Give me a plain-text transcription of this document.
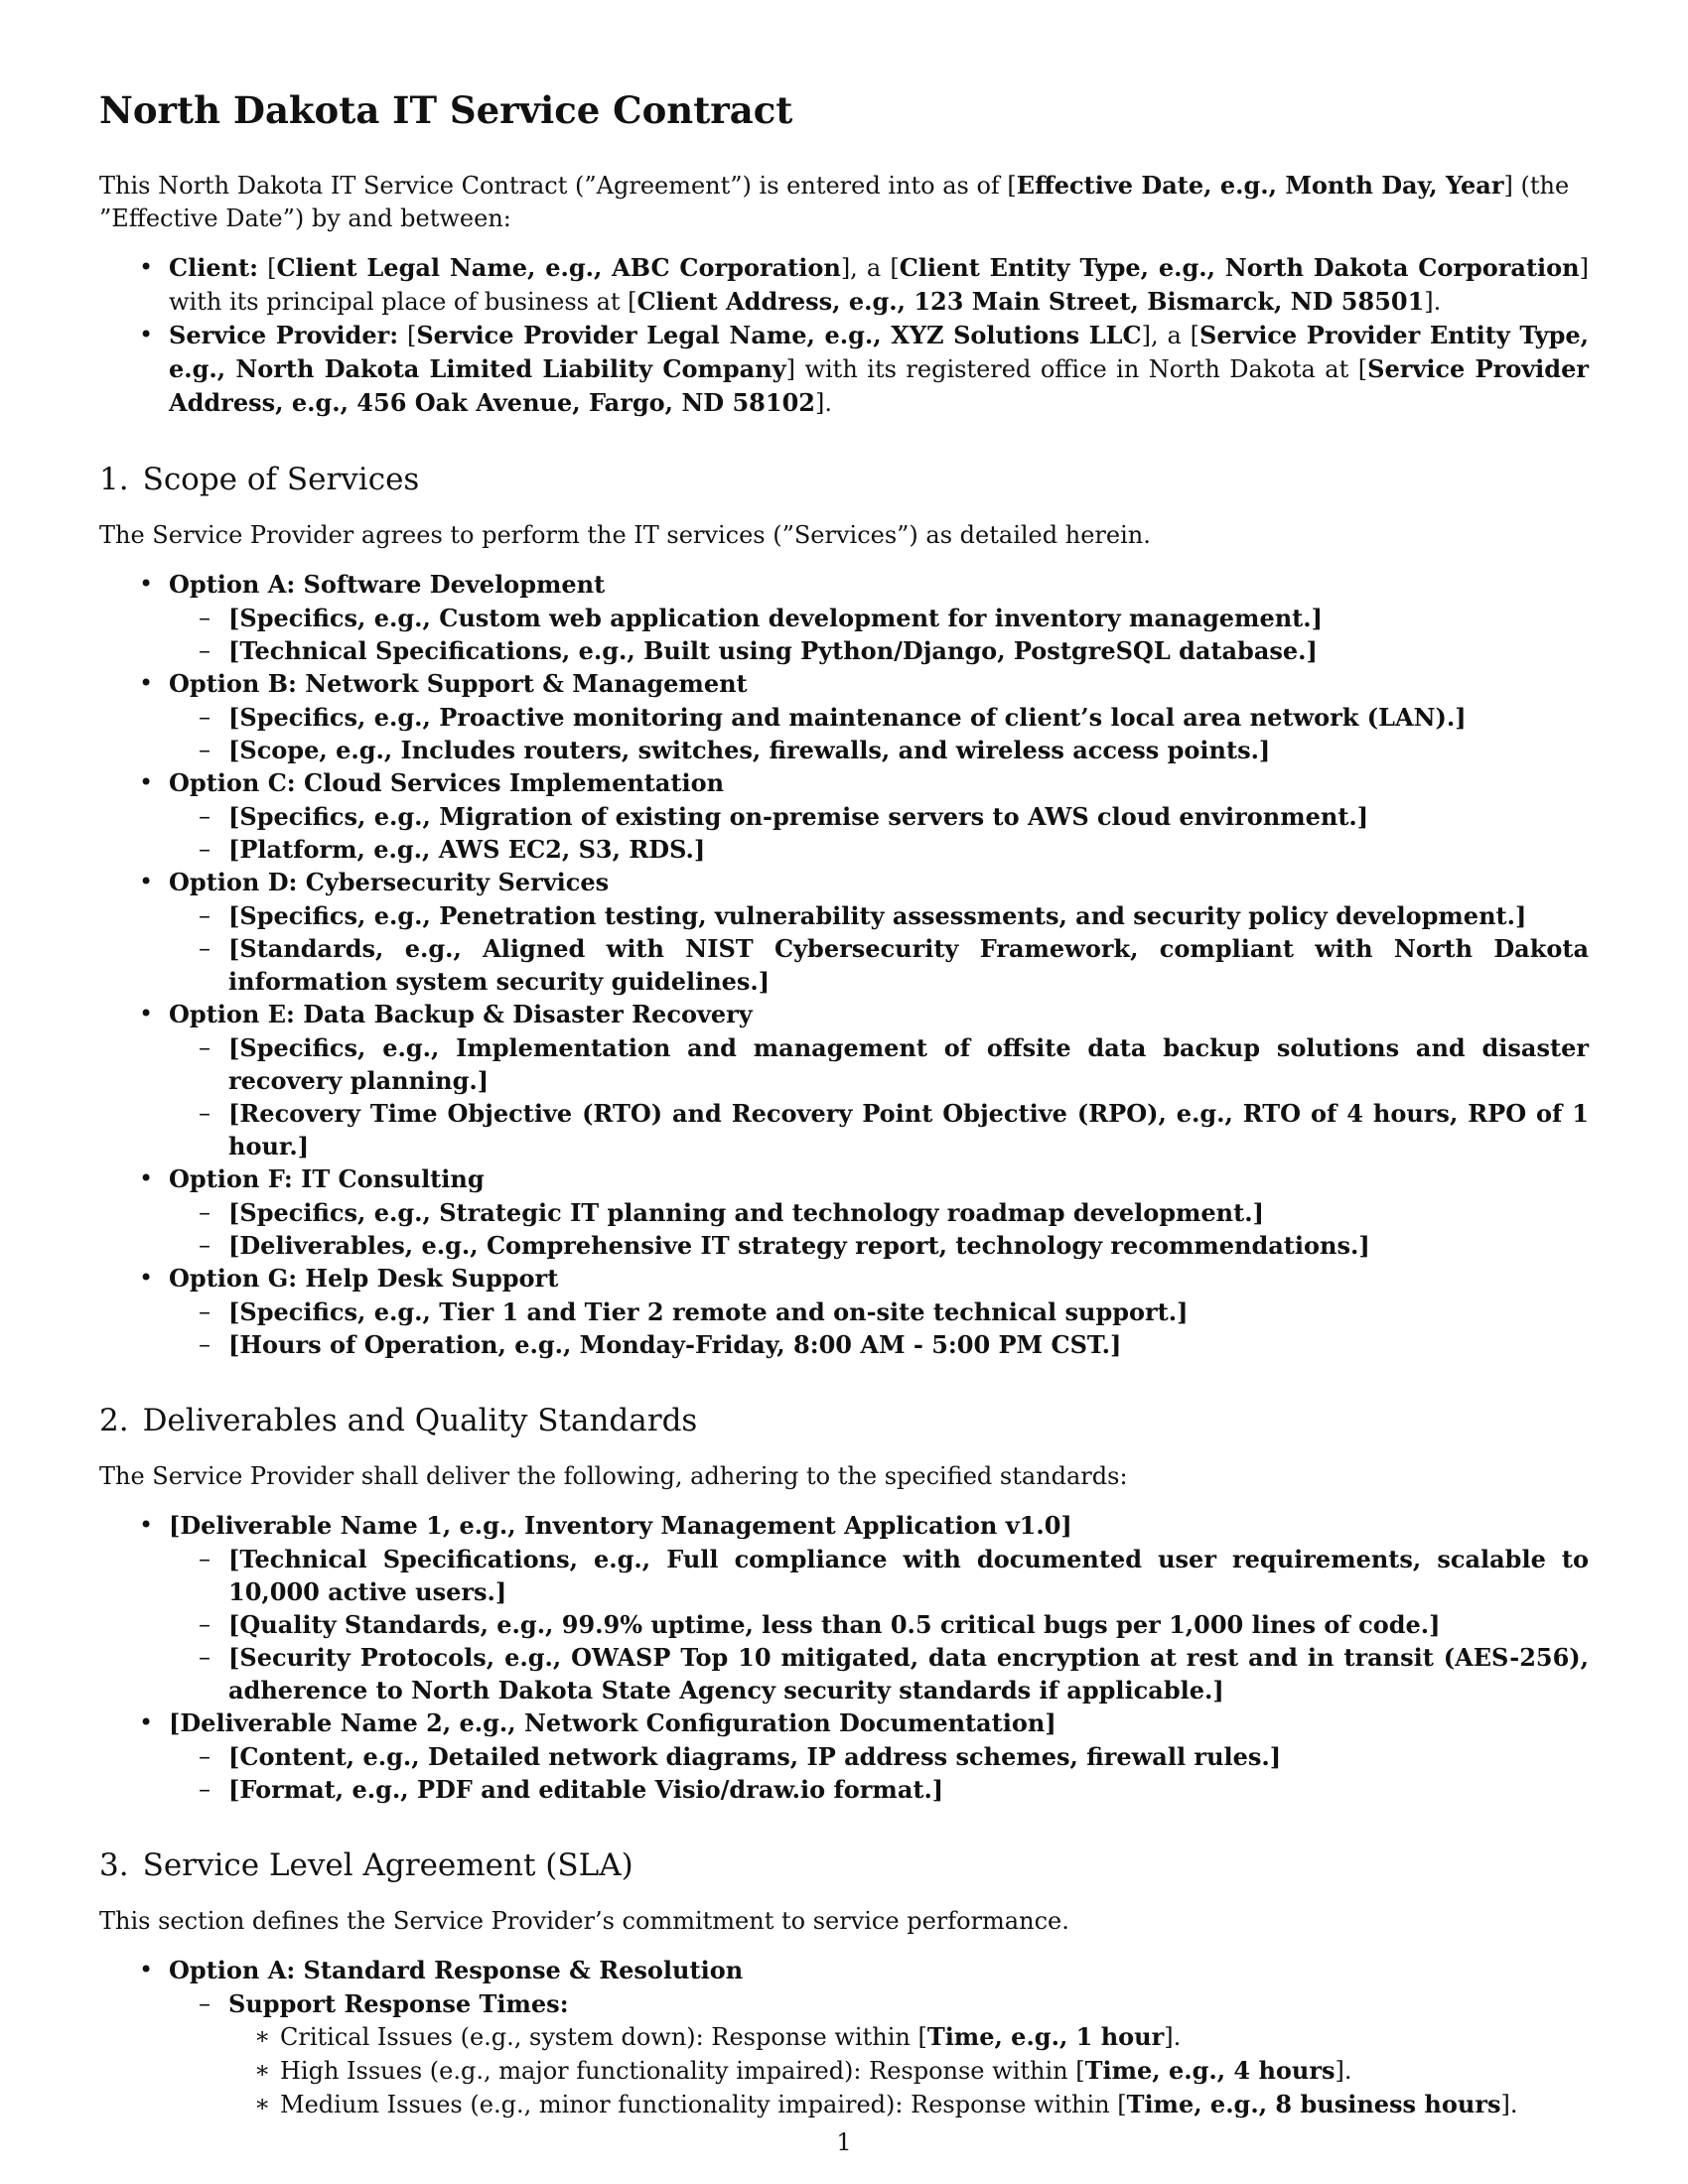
North Dakota IT Service Contract

This North Dakota IT Service Contract (”Agreement”) is entered into as of [Effective Date, e.g., Month Day, Year] (the ”Effective Date”) by and between:

• Client: [Client Legal Name, e.g., ABC Corporation], a [Client Entity Type, e.g., North Dakota Corporation] with its principal place of business at [Client Address, e.g., 123 Main Street, Bismarck, ND 58501].
• Service Provider: [Service Provider Legal Name, e.g., XYZ Solutions LLC], a [Service Provider Entity Type, e.g., North Dakota Limited Liability Company] with its registered office in North Dakota at [Service Provider Address, e.g., 456 Oak Avenue, Fargo, ND 58102].
1. Scope of Services

The Service Provider agrees to perform the IT services (”Services”) as detailed herein.

• Option A: Software Development
– [Specifics, e.g., Custom web application development for inventory management.]
– [Technical Specifications, e.g., Built using Python/Django, PostgreSQL database.]
• Option B: Network Support & Management
– [Specifics, e.g., Proactive monitoring and maintenance of client’s local area network (LAN).]
– [Scope, e.g., Includes routers, switches, firewalls, and wireless access points.]
• Option C: Cloud Services Implementation
– [Specifics, e.g., Migration of existing on-premise servers to AWS cloud environment.]
– [Platform, e.g., AWS EC2, S3, RDS.]
• Option D: Cybersecurity Services
– [Specifics, e.g., Penetration testing, vulnerability assessments, and security policy development.]
– [Standards, e.g., Aligned with NIST Cybersecurity Framework, compliant with North Dakota information system security guidelines.]
• Option E: Data Backup & Disaster Recovery
– [Specifics, e.g., Implementation and management of offsite data backup solutions and disaster recovery planning.]
– [Recovery Time Objective (RTO) and Recovery Point Objective (RPO), e.g., RTO of 4 hours, RPO of 1 hour.]
• Option F: IT Consulting
– [Specifics, e.g., Strategic IT planning and technology roadmap development.]
– [Deliverables, e.g., Comprehensive IT strategy report, technology recommendations.]
• Option G: Help Desk Support
– [Specifics, e.g., Tier 1 and Tier 2 remote and on-site technical support.]
– [Hours of Operation, e.g., Monday-Friday, 8:00 AM - 5:00 PM CST.]
2. Deliverables and Quality Standards

The Service Provider shall deliver the following, adhering to the specified standards:

• [Deliverable Name 1, e.g., Inventory Management Application v1.0]
– [Technical Specifications, e.g., Full compliance with documented user requirements, scalable to 10,000 active users.]
– [Quality Standards, e.g., 99.9% uptime, less than 0.5 critical bugs per 1,000 lines of code.]
– [Security Protocols, e.g., OWASP Top 10 mitigated, data encryption at rest and in transit (AES-256), adherence to North Dakota State Agency security standards if applicable.]
• [Deliverable Name 2, e.g., Network Configuration Documentation]
– [Content, e.g., Detailed network diagrams, IP address schemes, firewall rules.]
– [Format, e.g., PDF and editable Visio/draw.io format.]
3. Service Level Agreement (SLA)

This section defines the Service Provider’s commitment to service performance.

• Option A: Standard Response & Resolution
– Support Response Times:
∗ Critical Issues (e.g., system down): Response within [Time, e.g., 1 hour].
∗ High Issues (e.g., major functionality impaired): Response within [Time, e.g., 4 hours].
∗ Medium Issues (e.g., minor functionality impaired): Response within [Time, e.g., 8 business hours].
1
